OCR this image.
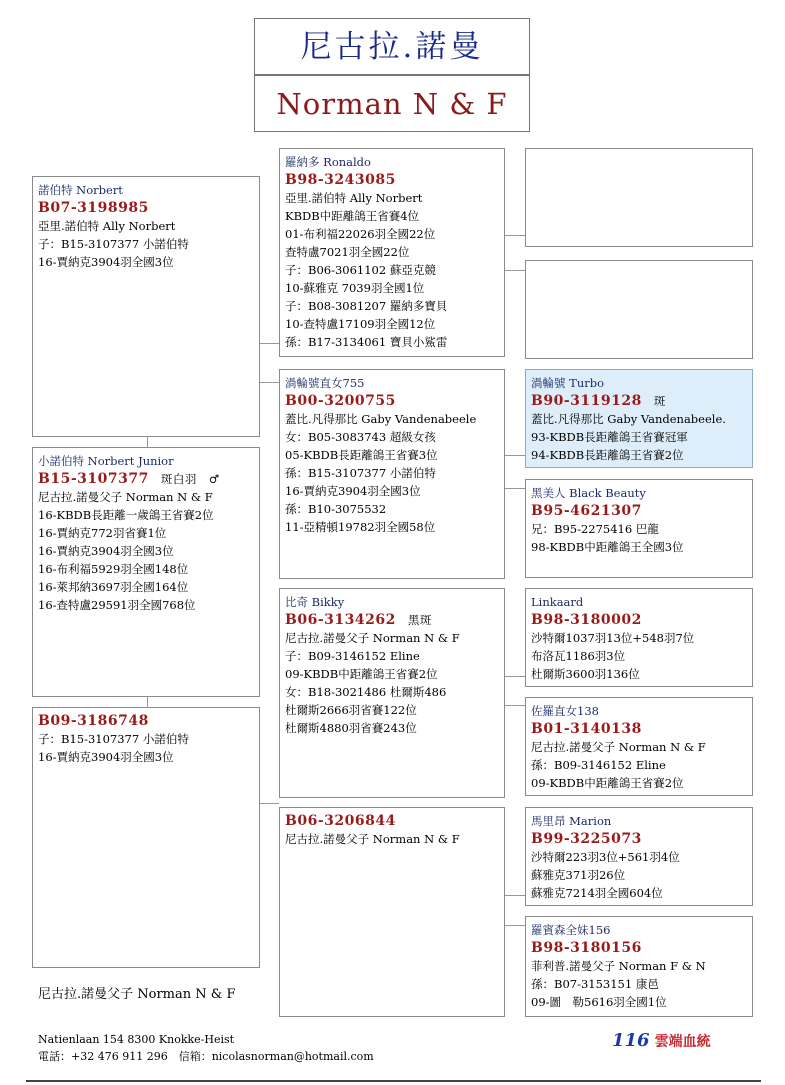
尼古拉.諾曼
Norman N & F
諾伯特 Norbert
B07-3198985
亞里.諾伯特 Ally Norbert
子：B15-3107377 小諾伯特
16-賈納克3904羽全國3位
小諾伯特 Norbert Junior
B15-3107377 斑白羽　♂
尼古拉.諾曼父子 Norman N & F
16-KBDB長距離一歲鴿王省賽2位
16-賈納克772羽省賽1位
16-賈納克3904羽全國3位
16-布利福5929羽全國148位
16-萊邦納3697羽全國164位
16-查特盧29591羽全國768位
B09-3186748
子：B15-3107377 小諾伯特
16-賈納克3904羽全國3位
羅納多 Ronaldo
B98-3243085
亞里.諾伯特 Ally Norbert
KBDB中距離鴿王省賽4位
01-布利福22026羽全國22位
查特盧7021羽全國22位
子：B06-3061102 蘇亞克競
10-蘇雅克 7039羽全國1位
子：B08-3081207 羅納多寶貝
10-查特盧17109羽全國12位
孫：B17-3134061 寶貝小鯊雷
渦輪號直女755
B00-3200755
蓋比.凡得那比 Gaby Vandenabeele
女：B05-3083743 超級女孩
05-KBDB長距離鴿王省賽3位
孫：B15-3107377 小諾伯特
16-賈納克3904羽全國3位
孫：B10-3075532
11-亞精頓19782羽全國58位
比奇 Bikky
B06-3134262 黑斑
尼古拉.諾曼父子 Norman N & F
子：B09-3146152 Eline
09-KBDB中距離鴿王省賽2位
女：B18-3021486 杜爾斯486
杜爾斯2666羽省賽122位
杜爾斯4880羽省賽243位
B06-3206844
尼古拉.諾曼父子 Norman N & F
渦輪號 Turbo
B90-3119128 斑
蓋比.凡得那比 Gaby Vandenabeele.
93-KBDB長距離鴿王省賽冠軍
94-KBDB長距離鴿王省賽2位
黑美人 Black Beauty
B95-4621307
兄：B95-2275416 巴龍
98-KBDB中距離鴿王全國3位
Linkaard
B98-3180002
沙特爾1037羽13位+548羽7位
布洛瓦1186羽3位
杜爾斯3600羽136位
佐羅直女138
B01-3140138
尼古拉.諾曼父子 Norman N & F
孫：B09-3146152 Eline
09-KBDB中距離鴿王省賽2位
馬里昂 Marion
B99-3225073
沙特爾223羽3位+561羽4位
蘇雅克371羽26位
蘇雅克7214羽全國604位
羅賓森全妹156
B98-3180156
菲利普.諾曼父子 Norman F & N
孫：B07-3153151 康邑
09-圖　勒5616羽全國1位
尼古拉.諾曼父子 Norman N & F
Natienlaan 154 8300 Knokke-Heist
電話：+32 476 911 296　信箱：nicolasnorman@hotmail.com
116 雲端血統
